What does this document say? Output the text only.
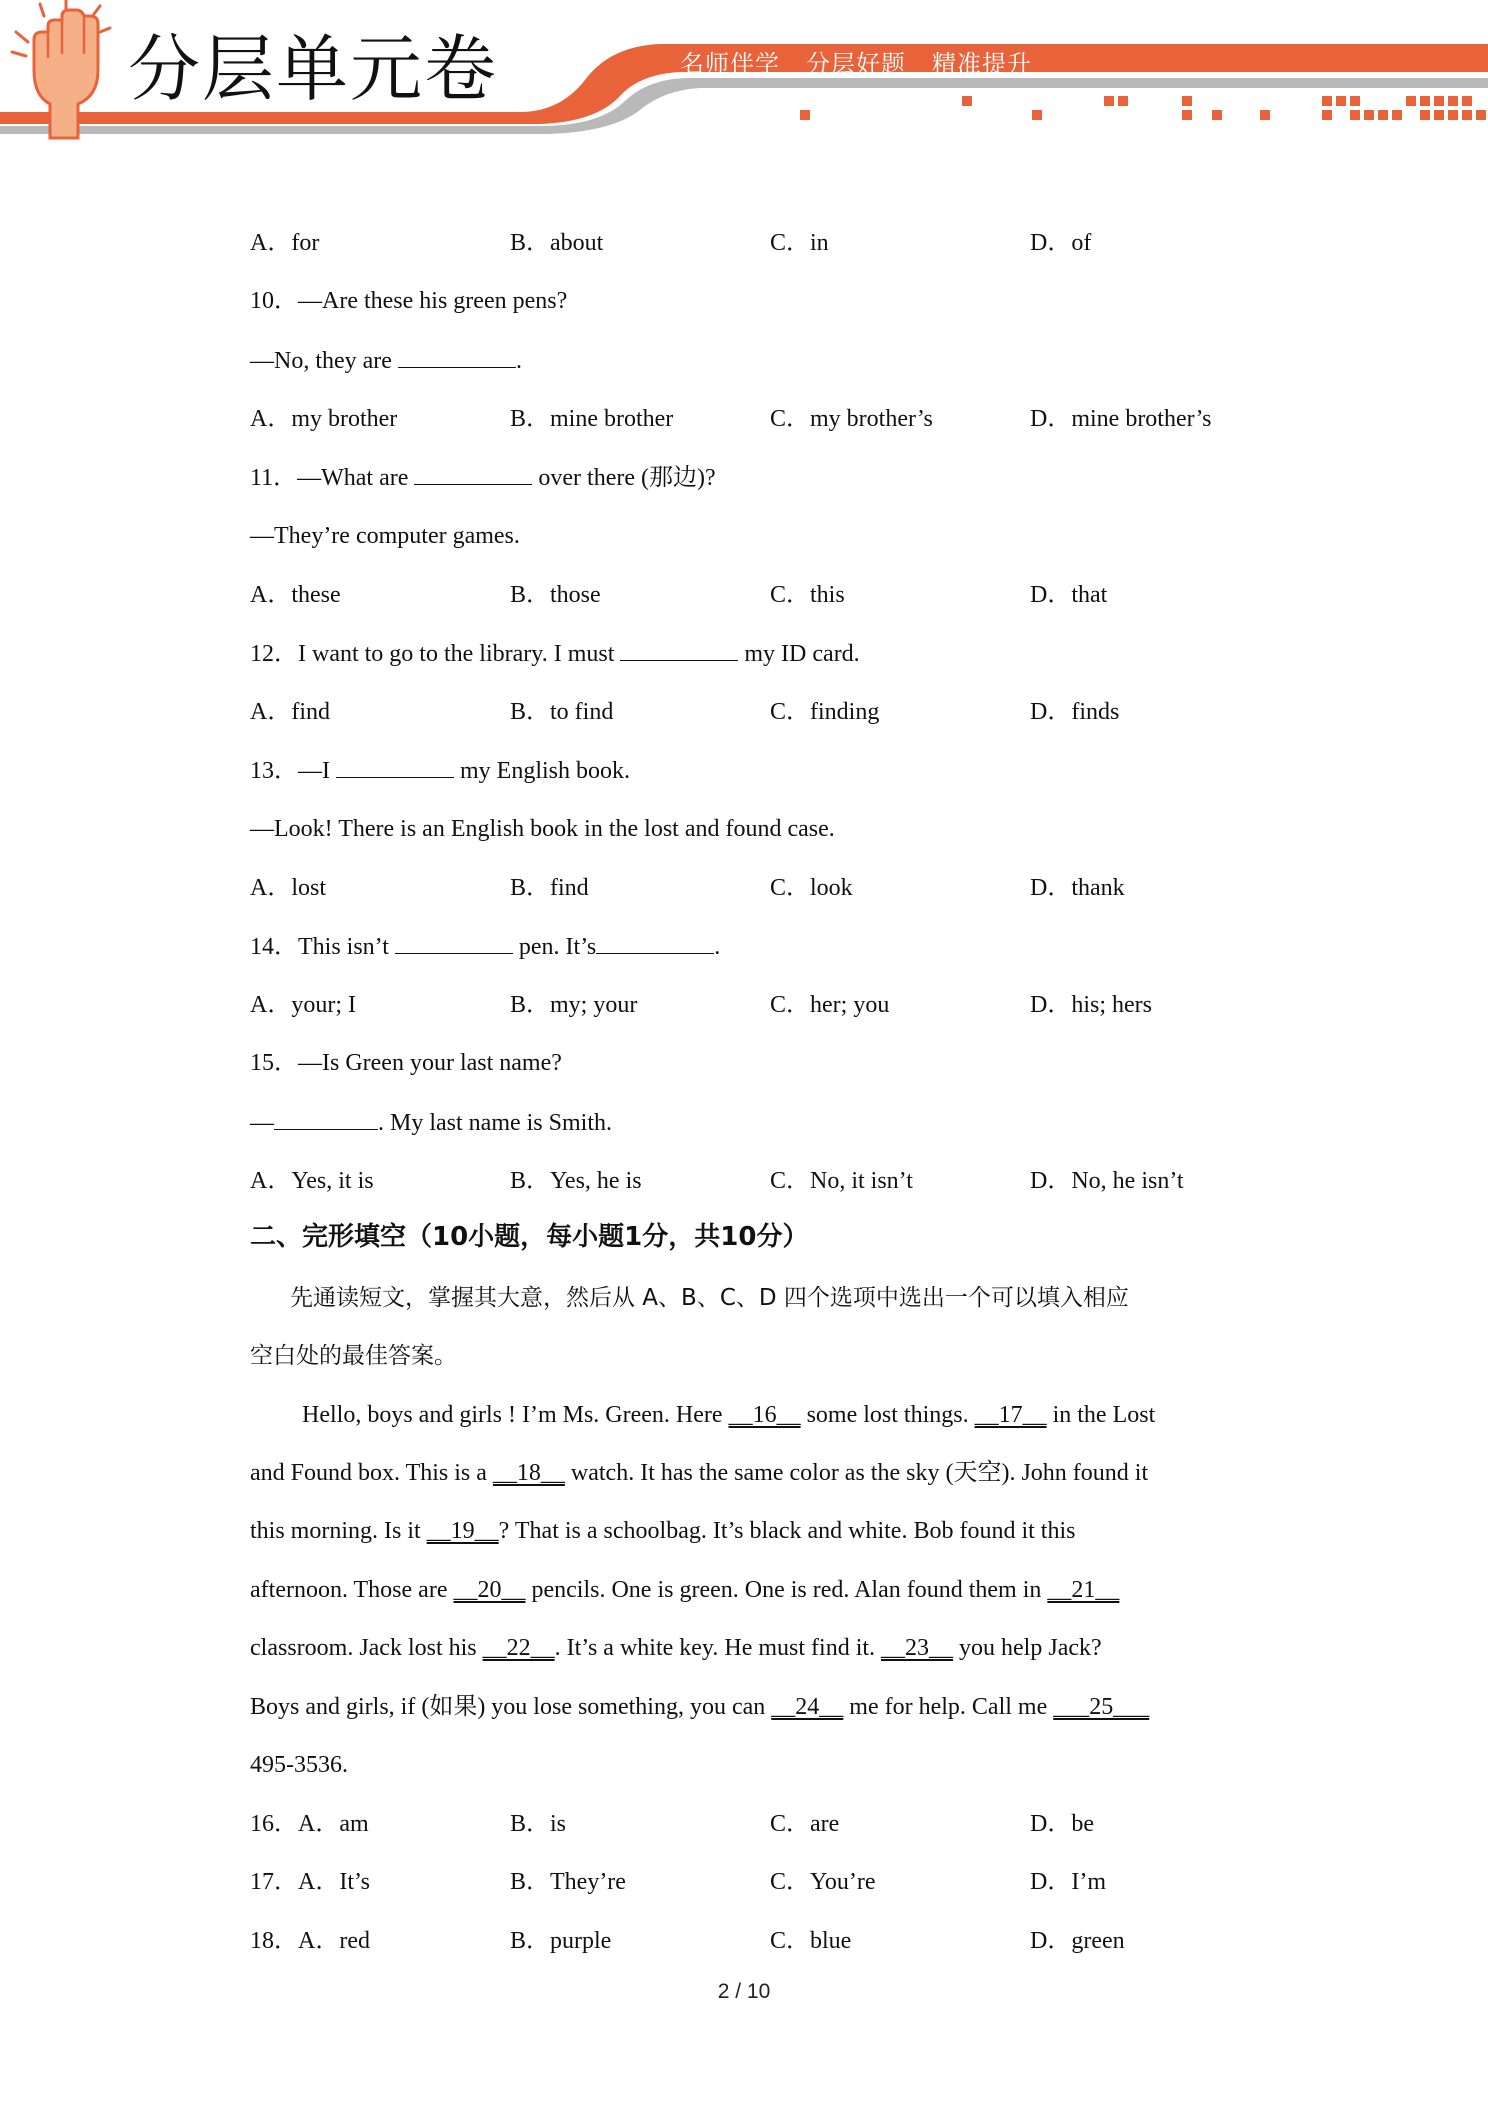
分层单元卷	名师伴学 分层好题 精准提升
A．for	B．about	C．in	D．of
10．—Are these his green pens?
—No, they are	.
A．my brother	B．mine brother	C．my brother’s	D．mine brother’s
11．—What are	over there (那边)?
—They’re computer games.
A．these	B．those	C．this	D．that
12．I want to go to the library. I must	my ID card.
A．find	B．to find	C．finding	D．finds
13．—I	my English book.
—Look! There is an English book in the lost and found case.
A．lost	B．find	C．look	D．thank
14．This isn’t	pen. It’s	.
A．your; I	B．my; your	C．her; you	D．his; hers
15．—Is Green your last name?
—	. My last name is Smith.
A．Yes, it is	B．Yes, he is	C．No, it isn’t	D．No, he isn’t
二、完形填空（10小题，每小题1分，共10分）
先通读短文，掌握其大意，然后从 A、B、C、D 四个选项中选出一个可以填入相应
空白处的最佳答案。
Hello, boys and girls ! I’m Ms. Green. Here __16__ some lost things. __17__ in the Lost
and Found box. This is a __18__ watch. It has the same color as the sky (天空). John found it
this morning. Is it __19__? That is a schoolbag. It’s black and white. Bob found it this
afternoon. Those are __20__ pencils. One is green. One is red. Alan found them in __21__
classroom. Jack lost his __22__. It’s a white key. He must find it. __23__ you help Jack?
Boys and girls, if (如果) you lose something, you can __24__ me for help. Call me ___25___
495-3536.
16．A．am	B．is	C．are	D．be
17．A．It’s	B．They’re	C．You’re	D．I’m
18．A．red	B．purple	C．blue	D．green
2 / 10
